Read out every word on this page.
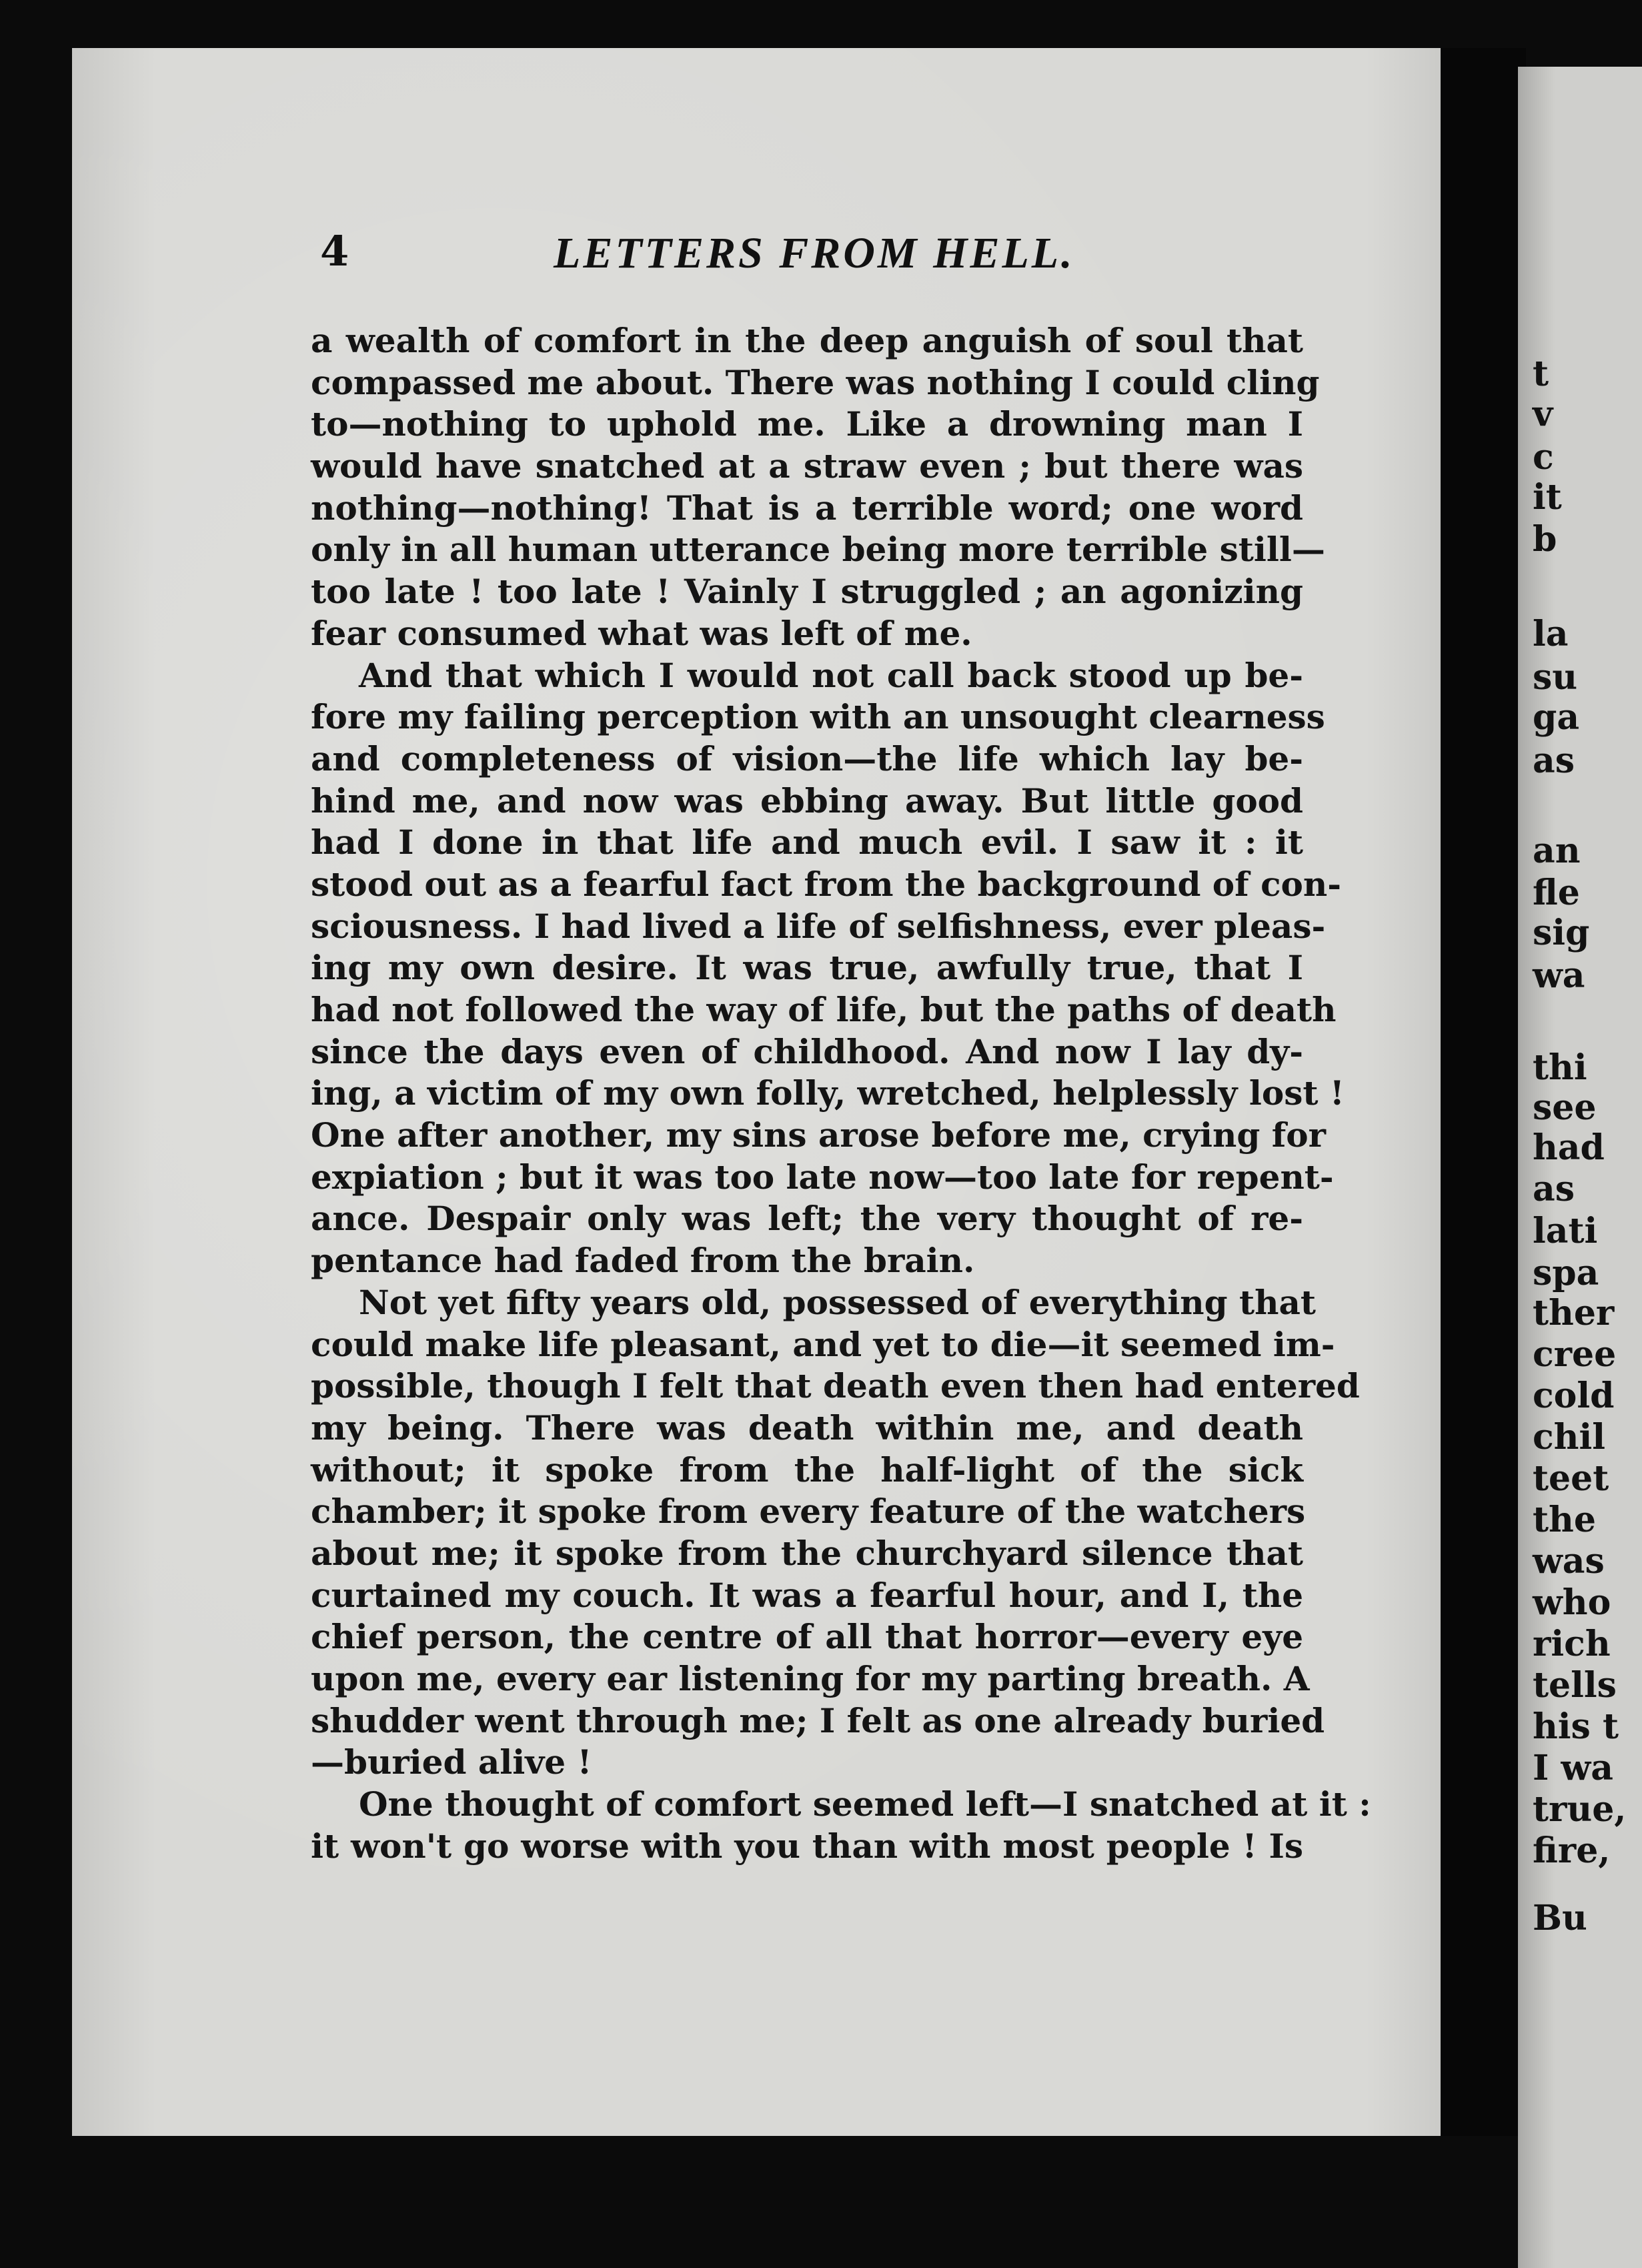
t

v

c

it

b

la

su

ga

as

an

fle

sig

wa

thi

see

had

as

lati

spa

ther

cree

cold

chil

teet

the

was

who

rich

tells

his t

I wa

true,

fire,

Bu

4	LETTERS FROM HELL.

a wealth of comfort in the deep anguish of soul that

compassed me about. There was nothing I could cling

to—nothing to uphold me. Like a drowning man I

would have snatched at a straw even ; but there was

nothing—nothing! That is a terrible word; one word

only in all human utterance being more terrible still—

too late ! too late ! Vainly I struggled ; an agonizing

fear consumed what was left of me.

And that which I would not call back stood up be-

fore my failing perception with an unsought clearness

and completeness of vision—the life which lay be-

hind me, and now was ebbing away. But little good

had I done in that life and much evil. I saw it : it

stood out as a fearful fact from the background of con-

sciousness. I had lived a life of selfishness, ever pleas-

ing my own desire. It was true, awfully true, that I

had not followed the way of life, but the paths of death

since the days even of childhood. And now I lay dy-

ing, a victim of my own folly, wretched, helplessly lost !

One after another, my sins arose before me, crying for

expiation ; but it was too late now—too late for repent-

ance. Despair only was left; the very thought of re-

pentance had faded from the brain.

Not yet fifty years old, possessed of everything that

could make life pleasant, and yet to die—it seemed im-

possible, though I felt that death even then had entered

my being. There was death within me, and death

without; it spoke from the half-light of the sick

chamber; it spoke from every feature of the watchers

about me; it spoke from the churchyard silence that

curtained my couch. It was a fearful hour, and I, the

chief person, the centre of all that horror—every eye

upon me, every ear listening for my parting breath. A

shudder went through me; I felt as one already buried

—buried alive !

One thought of comfort seemed left—I snatched at it :

it won't go worse with you than with most people ! Is
